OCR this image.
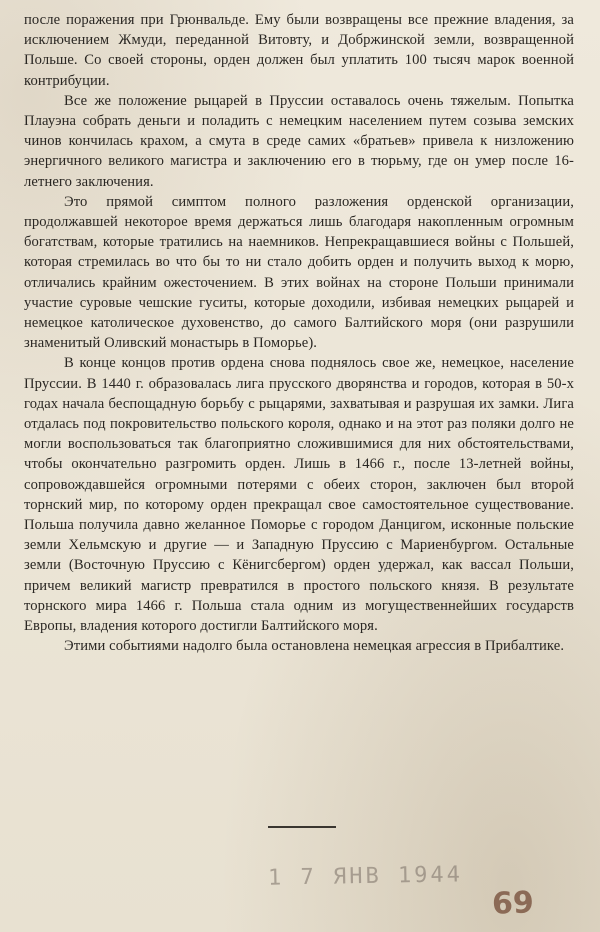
после поражения при Грюнвальде. Ему были возвращены все прежние владения, за исключением Жмуди, переданной Витовту, и Добржинской земли, возвращенной Польше. Со своей стороны, орден должен был уплатить 100 тысяч марок военной контрибуции.

Все же положение рыцарей в Пруссии оставалось очень тяжелым. Попытка Плауэна собрать деньги и поладить с немецким населением путем созыва земских чинов кончилась крахом, а смута в среде самих «братьев» привела к низложению энергичного великого магистра и заключению его в тюрьму, где он умер после 16-летнего заключения.

Это прямой симптом полного разложения орденской организации, продолжавшей некоторое время держаться лишь благодаря накопленным огромным богатствам, которые тратились на наемников. Непрекращавшиеся войны с Польшей, которая стремилась во что бы то ни стало добить орден и получить выход к морю, отличались крайним ожесточением. В этих войнах на стороне Польши принимали участие суровые чешские гуситы, которые доходили, избивая немецких рыцарей и немецкое католическое духовенство, до самого Балтийского моря (они разрушили знаменитый Оливский монастырь в Поморье).

В конце концов против ордена снова поднялось свое же, немецкое, население Пруссии. В 1440 г. образовалась лига прусского дворянства и городов, которая в 50-х годах начала беспощадную борьбу с рыцарями, захватывая и разрушая их замки. Лига отдалась под покровительство польского короля, однако и на этот раз поляки долго не могли воспользоваться так благоприятно сложившимися для них обстоятельствами, чтобы окончательно разгромить орден. Лишь в 1466 г., после 13-летней войны, сопровождавшейся огромными потерями с обеих сторон, заключен был второй торнский мир, по которому орден прекращал свое самостоятельное существование. Польша получила давно желанное Поморье с городом Данцигом, исконные польские земли Хельмскую и другие — и Западную Пруссию с Мариенбургом. Остальные земли (Восточную Пруссию с Кёнигсбергом) орден удержал, как вассал Польши, причем великий магистр превратился в простого польского князя. В результате торнского мира 1466 г. Польша стала одним из могущественнейших государств Европы, владения которого достигли Балтийского моря.

Этими событиями надолго была остановлена немецкая агрессия в Прибалтике.

1 7 ЯНВ 1944
69
